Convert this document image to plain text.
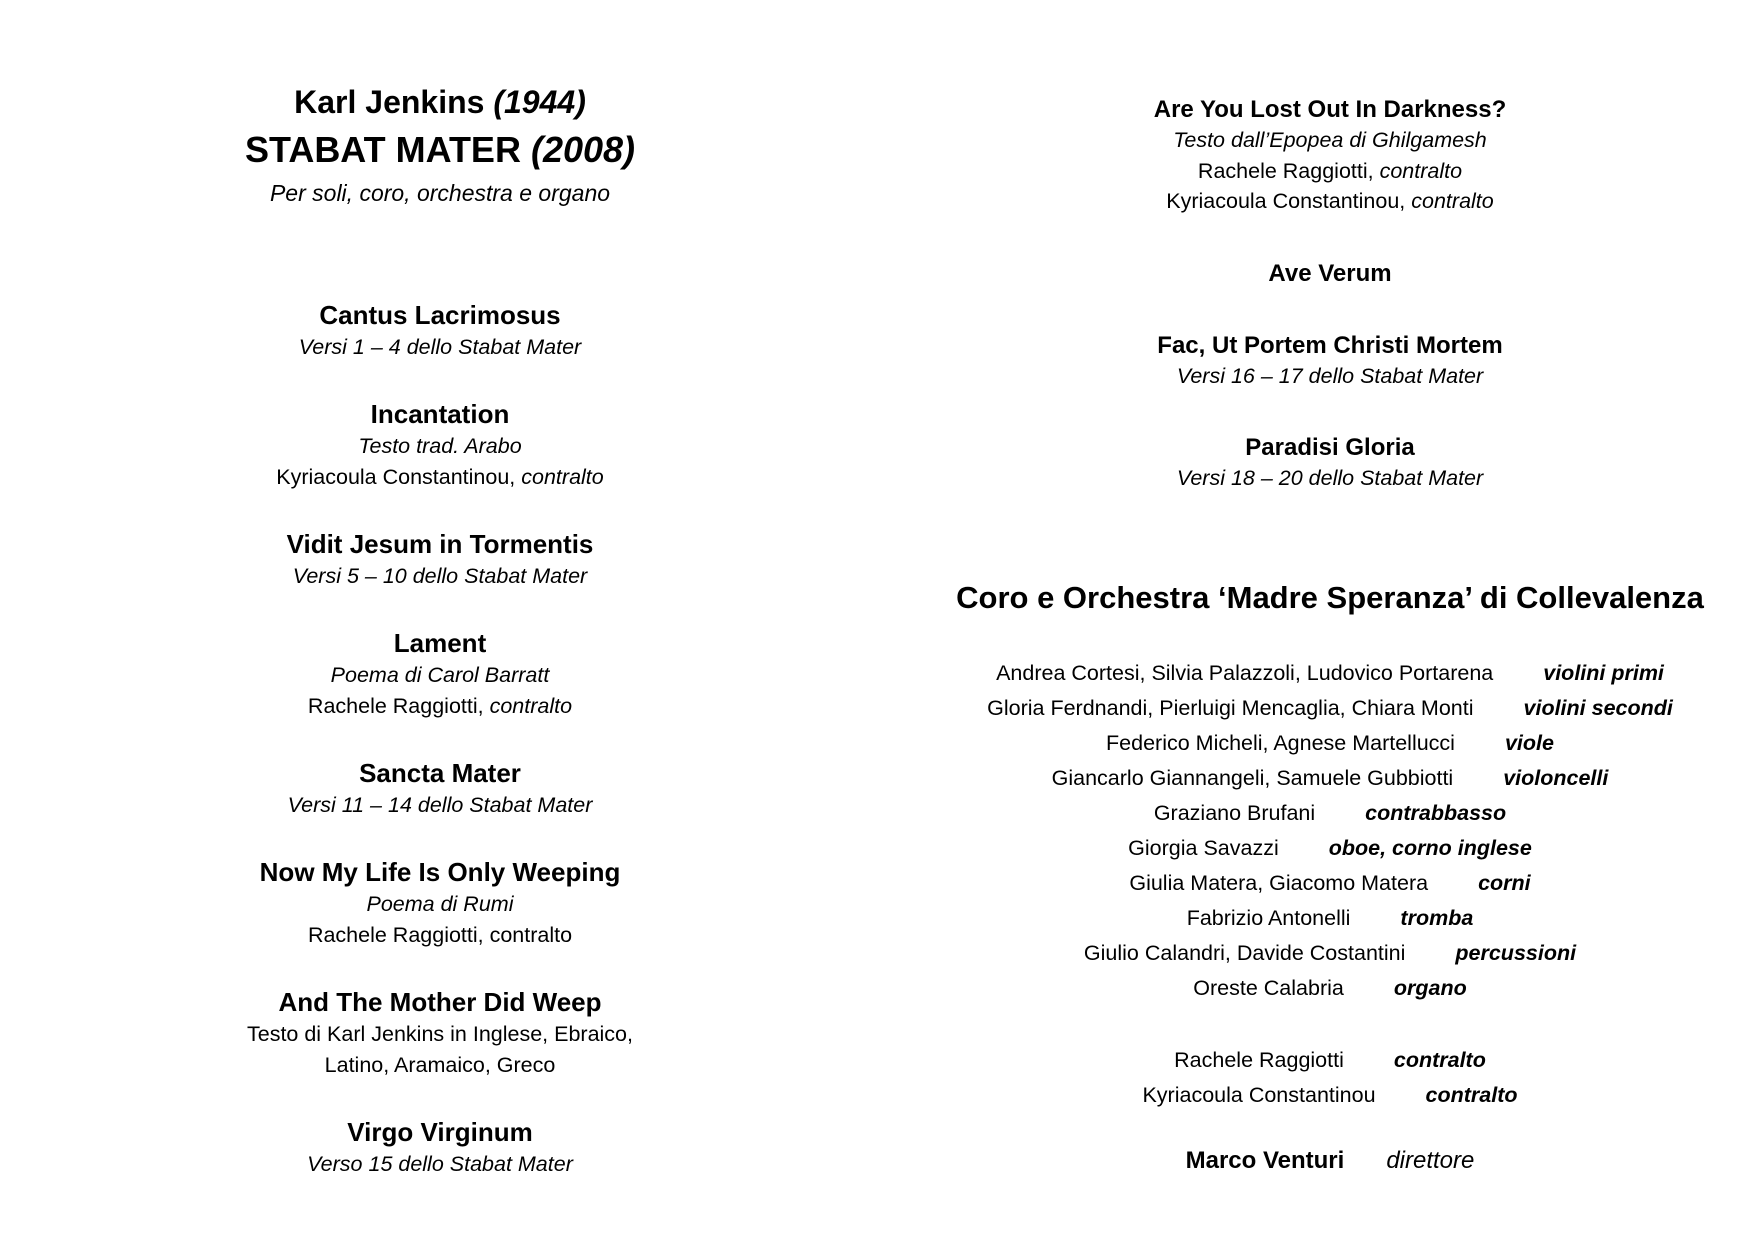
Karl Jenkins (1944)
STABAT MATER (2008)
Per soli, coro, orchestra e organo
Cantus Lacrimosus
Versi 1 – 4 dello Stabat Mater
Incantation
Testo trad. Arabo
Kyriacoula Constantinou, contralto
Vidit Jesum in Tormentis
Versi 5 – 10 dello Stabat Mater
Lament
Poema di Carol Barratt
Rachele Raggiotti, contralto
Sancta Mater
Versi 11 – 14 dello Stabat Mater
Now My Life Is Only Weeping
Poema di Rumi
Rachele Raggiotti, contralto
And The Mother Did Weep
Testo di Karl Jenkins in Inglese, Ebraico,
Latino, Aramaico, Greco
Virgo Virginum
Verso 15 dello Stabat Mater
Are You Lost Out In Darkness?
Testo dall’Epopea di Ghilgamesh
Rachele Raggiotti, contralto
Kyriacoula Constantinou, contralto
Ave Verum
Fac, Ut Portem Christi Mortem
Versi 16 – 17 dello Stabat Mater
Paradisi Gloria
Versi 18 – 20 dello Stabat Mater
Coro e Orchestra ‘Madre Speranza’ di Collevalenza
Andrea Cortesi, Silvia Palazzoli, Ludovico Portarena violini primi
Gloria Ferdnandi, Pierluigi Mencaglia, Chiara Monti violini secondi
Federico Micheli, Agnese Martellucci viole
Giancarlo Giannangeli, Samuele Gubbiotti violoncelli
Graziano Brufani contrabbasso
Giorgia Savazzi oboe, corno inglese
Giulia Matera, Giacomo Matera corni
Fabrizio Antonelli tromba
Giulio Calandri, Davide Costantini percussioni
Oreste Calabria organo
Rachele Raggiotti contralto
Kyriacoula Constantinou contralto
Marco Venturi direttore
